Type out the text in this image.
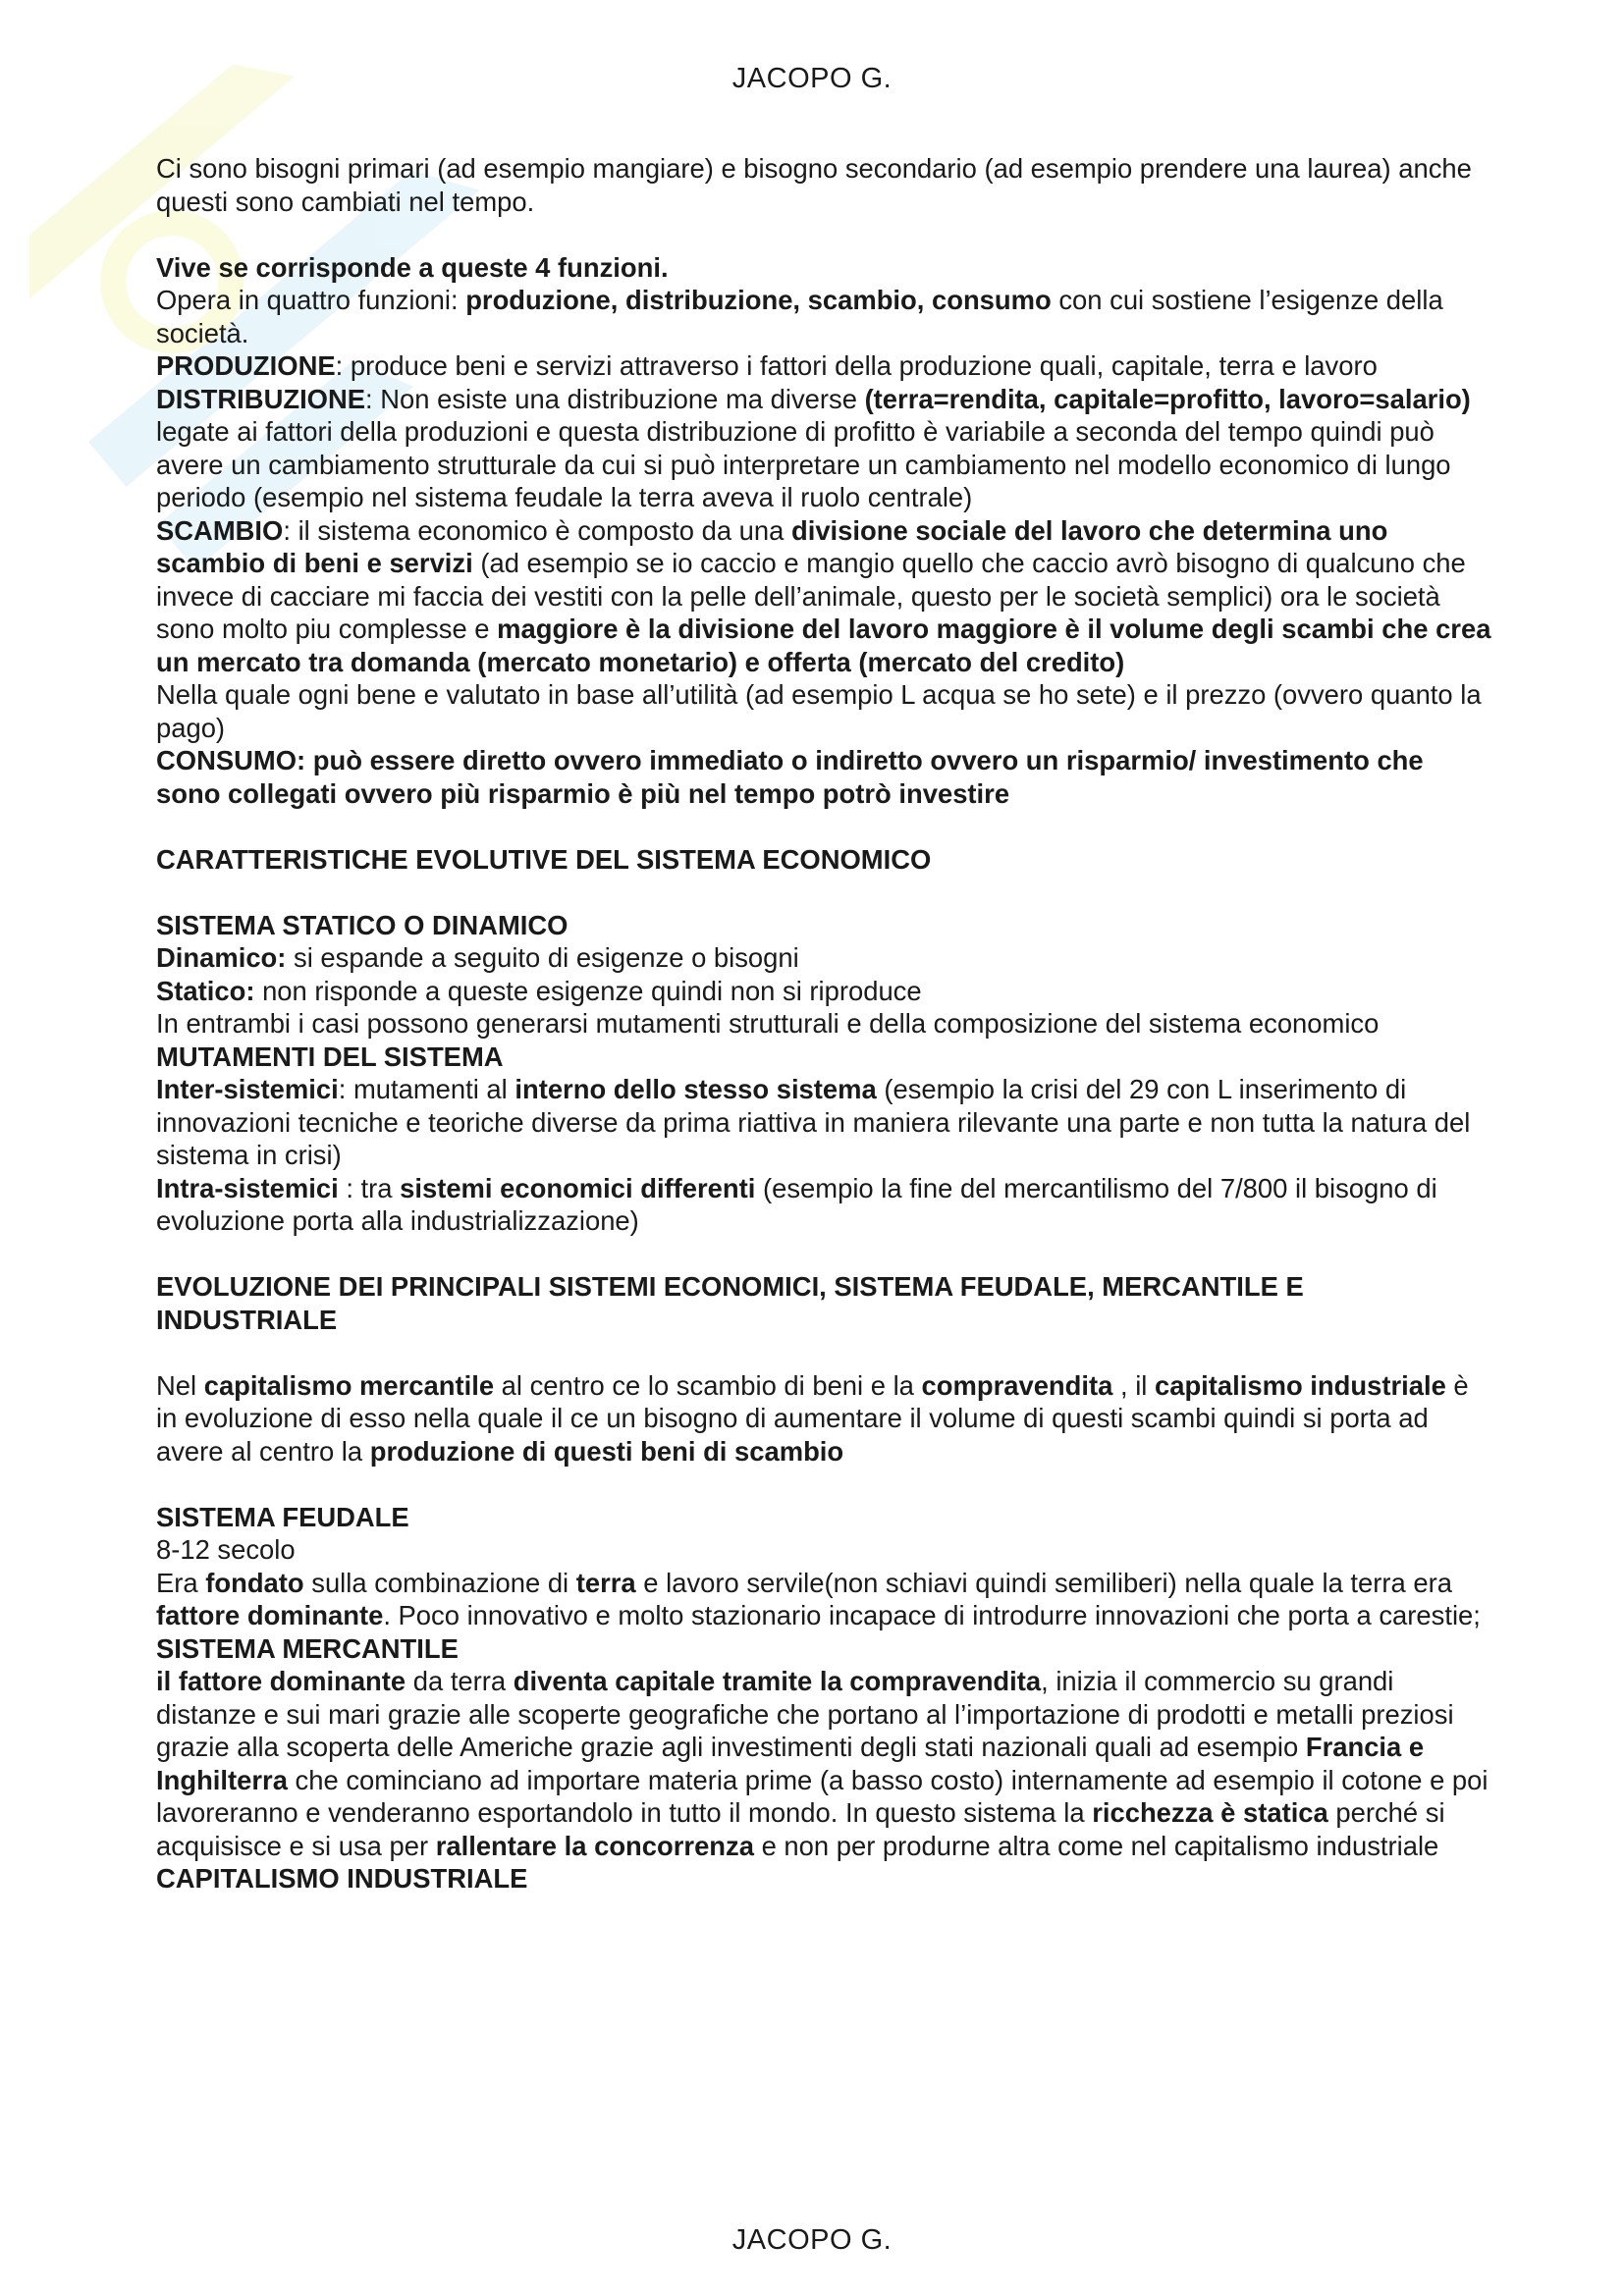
JACOPO G.

Ci sono bisogni primari (ad esempio mangiare) e bisogno secondario (ad esempio prendere una laurea) anche questi sono cambiati nel tempo.

Vive se corrisponde a queste 4 funzioni.

Opera in quattro funzioni: produzione, distribuzione, scambio, consumo con cui sostiene l’esigenze della società.

PRODUZIONE: produce beni e servizi attraverso i fattori della produzione quali, capitale, terra e lavoro

DISTRIBUZIONE: Non esiste una distribuzione ma diverse (terra=rendita, capitale=profitto, lavoro=salario) legate ai fattori della produzioni e questa distribuzione di profitto è variabile a seconda del tempo quindi può avere un cambiamento strutturale da cui si può interpretare un cambiamento nel modello economico di lungo periodo (esempio nel sistema feudale la terra aveva il ruolo centrale)

SCAMBIO: il sistema economico è composto da una divisione sociale del lavoro che determina uno scambio di beni e servizi (ad esempio se io caccio e mangio quello che caccio avrò bisogno di qualcuno che invece di cacciare mi faccia dei vestiti con la pelle dell’animale, questo per le società semplici) ora le società sono molto piu complesse e maggiore è la divisione del lavoro maggiore è il volume degli scambi che crea un mercato tra domanda (mercato monetario) e offerta (mercato del credito)

Nella quale ogni bene e valutato in base all’utilità (ad esempio L acqua se ho sete) e il prezzo (ovvero quanto la pago)

CONSUMO: può essere diretto ovvero immediato o indiretto ovvero un risparmio/ investimento che sono collegati ovvero più risparmio è più nel tempo potrò investire

CARATTERISTICHE EVOLUTIVE DEL SISTEMA ECONOMICO

SISTEMA STATICO O DINAMICO

Dinamico: si espande a seguito di esigenze o bisogni

Statico: non risponde a queste esigenze quindi non si riproduce

In entrambi i casi possono generarsi mutamenti strutturali e della composizione del sistema economico

MUTAMENTI DEL SISTEMA

Inter-sistemici: mutamenti al interno dello stesso sistema (esempio la crisi del 29 con L inserimento di innovazioni tecniche e teoriche diverse da prima riattiva in maniera rilevante una parte e non tutta la natura del sistema in crisi)

Intra-sistemici : tra sistemi economici differenti (esempio la fine del mercantilismo del 7/800 il bisogno di evoluzione porta alla industrializzazione)

EVOLUZIONE DEI PRINCIPALI SISTEMI ECONOMICI, SISTEMA FEUDALE, MERCANTILE E INDUSTRIALE

Nel capitalismo mercantile al centro ce lo scambio di beni e la compravendita , il capitalismo industriale è in evoluzione di esso nella quale il ce un bisogno di aumentare il volume di questi scambi quindi si porta ad avere al centro la produzione di questi beni di scambio

SISTEMA FEUDALE

8-12 secolo

Era fondato sulla combinazione di terra e lavoro servile(non schiavi quindi semiliberi) nella quale la terra era fattore dominante. Poco innovativo e molto stazionario incapace di introdurre innovazioni che porta a carestie;

SISTEMA MERCANTILE

il fattore dominante da terra diventa capitale tramite la compravendita, inizia il commercio su grandi distanze e sui mari grazie alle scoperte geografiche che portano al l’importazione di prodotti e metalli preziosi grazie alla scoperta delle Americhe grazie agli investimenti degli stati nazionali quali ad esempio Francia e Inghilterra che cominciano ad importare materia prime (a basso costo) internamente ad esempio il cotone e poi lavoreranno e venderanno esportandolo in tutto il mondo. In questo sistema la ricchezza è statica perché si acquisisce e si usa per rallentare la concorrenza e non per produrne altra come nel capitalismo industriale

CAPITALISMO INDUSTRIALE

JACOPO G.
